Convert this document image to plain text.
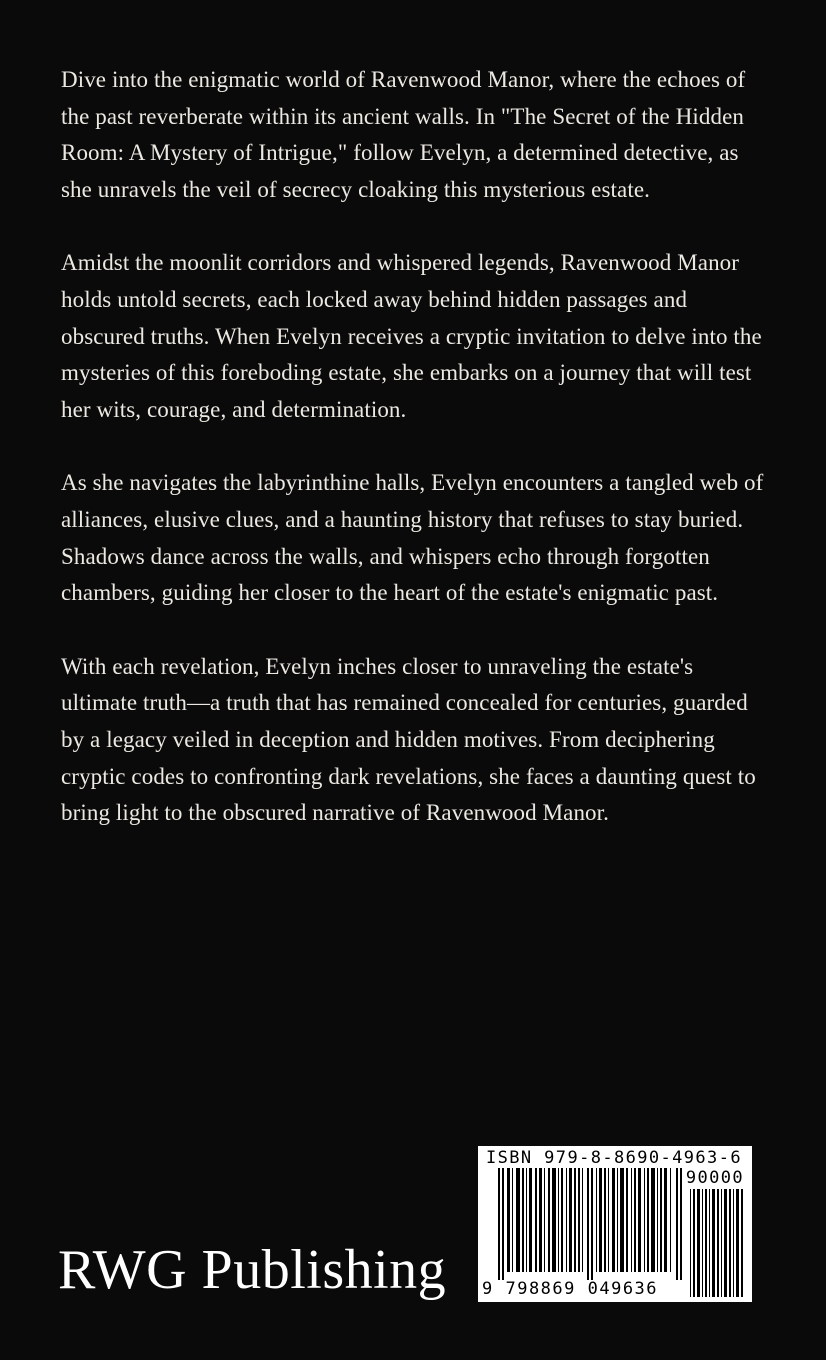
Dive into the enigmatic world of Ravenwood Manor, where the echoes of the past reverberate within its ancient walls. In "The Secret of the Hidden Room: A Mystery of Intrigue," follow Evelyn, a determined detective, as she unravels the veil of secrecy cloaking this mysterious estate.

Amidst the moonlit corridors and whispered legends, Ravenwood Manor holds untold secrets, each locked away behind hidden passages and obscured truths. When Evelyn receives a cryptic invitation to delve into the mysteries of this foreboding estate, she embarks on a journey that will test her wits, courage, and determination.

As she navigates the labyrinthine halls, Evelyn encounters a tangled web of alliances, elusive clues, and a haunting history that refuses to stay buried. Shadows dance across the walls, and whispers echo through forgotten chambers, guiding her closer to the heart of the estate's enigmatic past.

With each revelation, Evelyn inches closer to unraveling the estate's ultimate truth—a truth that has remained concealed for centuries, guarded by a legacy veiled in deception and hidden motives. From deciphering cryptic codes to confronting dark revelations, she faces a daunting quest to bring light to the obscured narrative of Ravenwood Manor.

RWG Publishing
ISBN 979-8-8690-4963-6
90000
9 798869 049636
